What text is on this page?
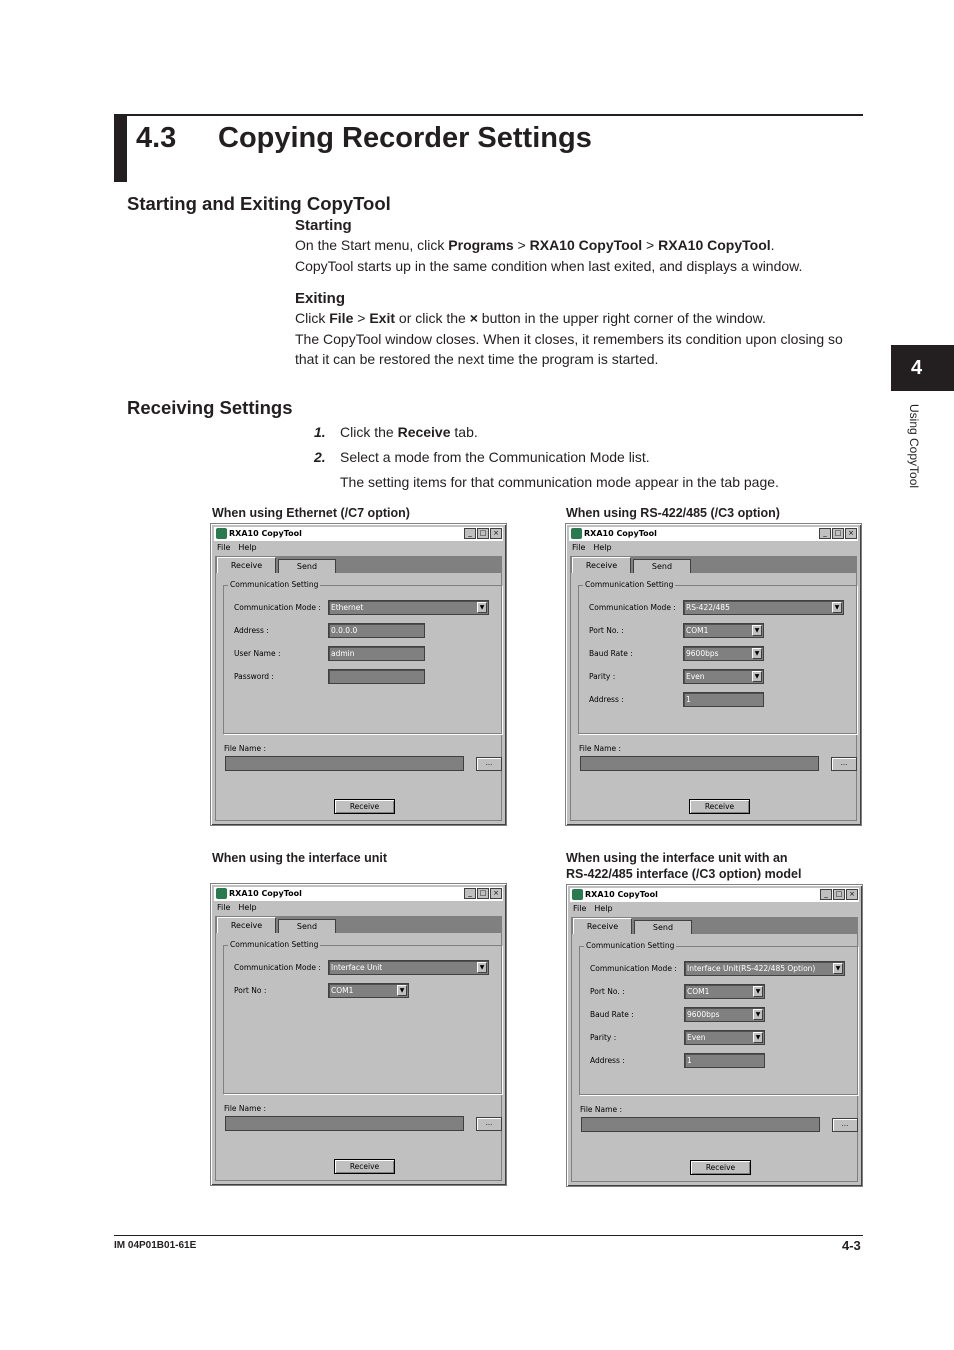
4.3 Copying Recorder Settings
Starting and Exiting CopyTool
Starting
On the Start menu, click Programs > RXA10 CopyTool > RXA10 CopyTool.
CopyTool starts up in the same condition when last exited, and displays a window.
Exiting
Click File > Exit or click the × button in the upper right corner of the window.
The CopyTool window closes. When it closes, it remembers its condition upon closing so
that it can be restored the next time the program is started.
Receiving Settings
1. Click the Receive tab.
2. Select a mode from the Communication Mode list.
The setting items for that communication mode appear in the tab page.
4
Using CopyTool
When using Ethernet (/C7 option)	When using RS-422/485 (/C3 option)
When using the interface unit	When using the interface unit with an
RS-422/485 interface (/C3 option) model
RXA10 CopyTool	_	□ ×
File Help
Receive	Send
Communication Setting
Communication Mode :	Ethernet	▼
Address :	0.0.0.0
User Name :	admin
Password :
File Name :
...
Receive
RXA10 CopyTool	_	□ ×
File Help
Receive	Send
Communication Setting
Communication Mode :	RS-422/485	▼
Port No. :	COM1	▼
Baud Rate :	9600bps	▼
Parity :	Even	▼
Address :	1
File Name :
...
Receive
RXA10 CopyTool	_	□ ×
File Help
Receive	Send
Communication Setting
Communication Mode :	Interface Unit	▼
Port No :	COM1	▼
File Name :
...
Receive
RXA10 CopyTool	_	□ ×
File Help
Receive	Send
Communication Setting
Communication Mode :	Interface Unit(RS-422/485 Option)	▼
Port No. :	COM1	▼
Baud Rate :	9600bps	▼
Parity :	Even	▼
Address :	1
File Name :
...
Receive
IM 04P01B01-61E	4-3
